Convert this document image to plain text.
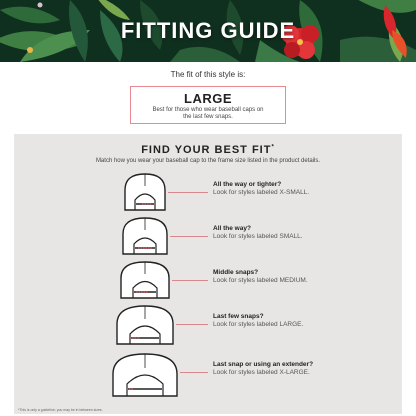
FITTING GUIDE
The fit of this style is:
LARGE
Best for those who wear baseball caps on the last few snaps.
FIND YOUR BEST FIT*
Match how you wear your baseball cap to the frame size listed in the product details.
All the way or tighter?
Look for styles labeled X-SMALL.
All the way?
Look for styles labeled SMALL.
Middle snaps?
Look for styles labeled MEDIUM.
Last few snaps?
Look for styles labeled LARGE.
Last snap or using an extender?
Look for styles labeled X-LARGE.
*This is only a guideline; you may be in between sizes.
